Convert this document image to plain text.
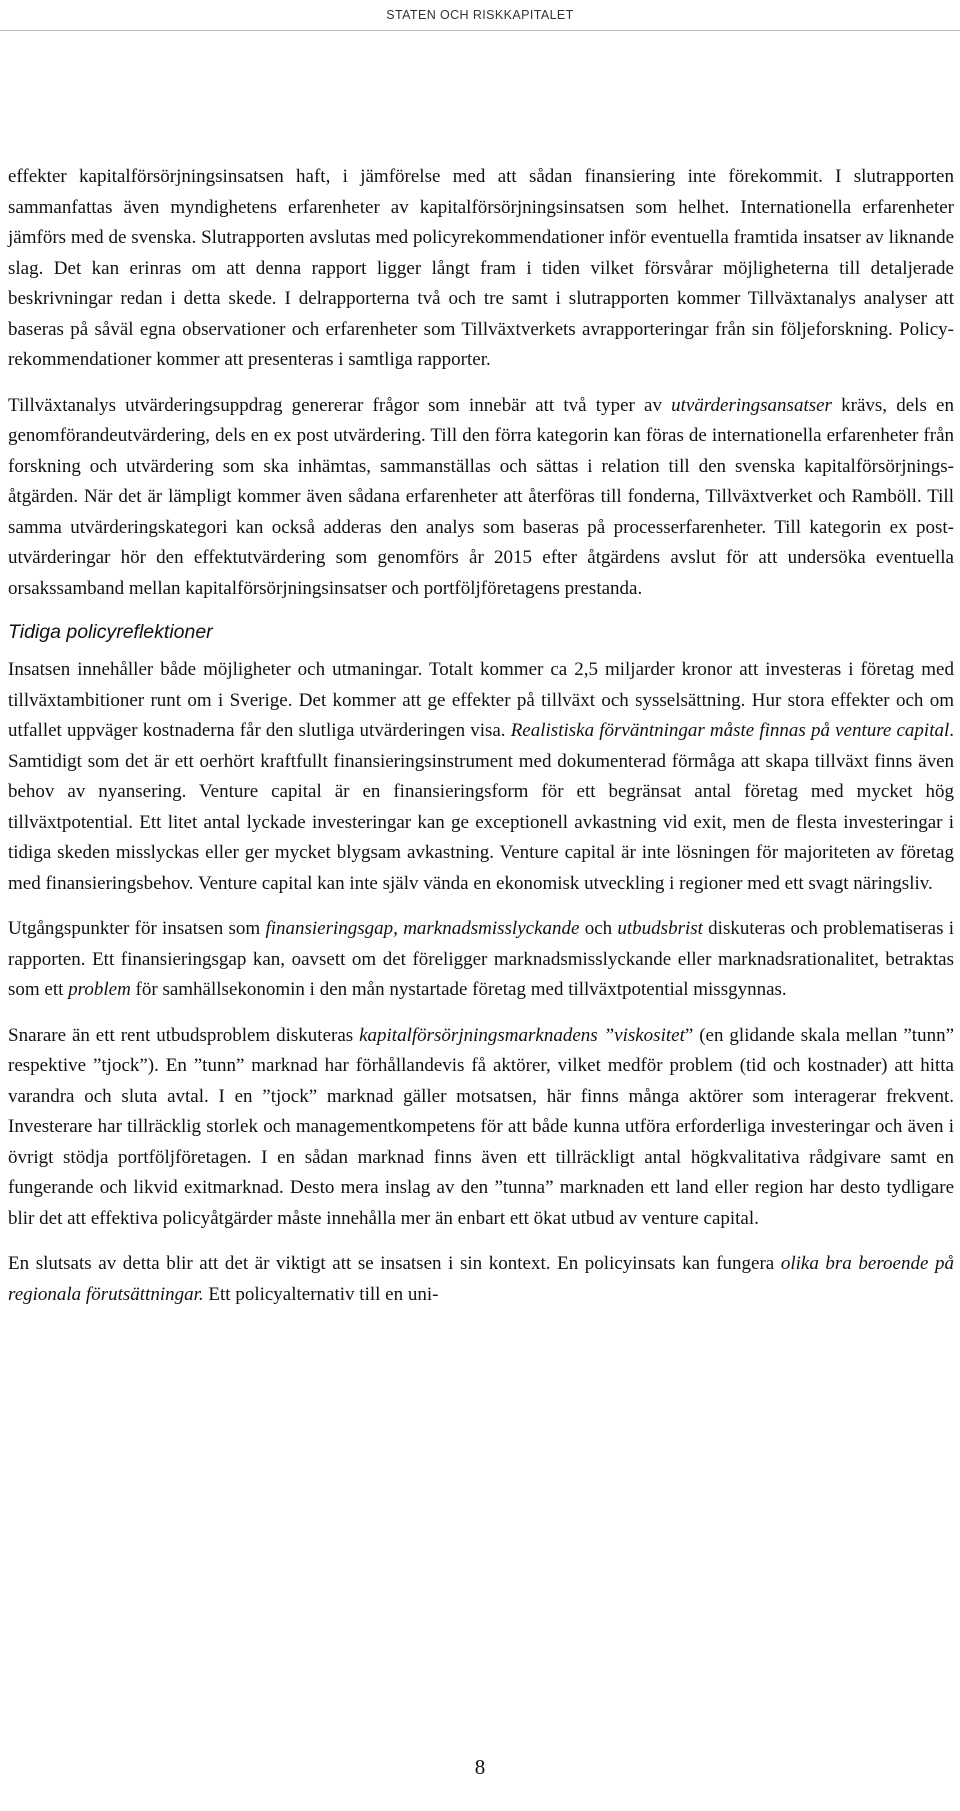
STATEN OCH RISKKAPITALET

effekter kapitalförsörjningsinsatsen haft, i jämförelse med att sådan finansiering inte förekommit. I slutrapporten sammanfattas även myndighetens erfarenheter av kapitalförsörjningsinsatsen som helhet. Internationella erfarenheter jämförs med de svenska. Slutrapporten avslutas med policyrekommendationer inför eventuella framtida insatser av liknande slag. Det kan erinras om att denna rapport ligger långt fram i tiden vilket försvårar möjligheterna till detaljerade beskrivningar redan i detta skede. I delrapporterna två och tre samt i slutrapporten kommer Tillväxtanalys analyser att baseras på såväl egna observationer och erfarenheter som Tillväxtverkets avrapporteringar från sin följeforskning. Policyrekommendationer kommer att presenteras i samtliga rapporter.

Tillväxtanalys utvärderingsuppdrag genererar frågor som innebär att två typer av utvärderingsansatser krävs, dels en genomförandeutvärdering, dels en ex post utvärdering. Till den förra kategorin kan föras de internationella erfarenheter från forskning och utvärdering som ska inhämtas, sammanställas och sättas i relation till den svenska kapitalförsörjningsåtgärden. När det är lämpligt kommer även sådana erfarenheter att återföras till fonderna, Tillväxtverket och Ramböll. Till samma utvärderingskategori kan också adderas den analys som baseras på processerfarenheter. Till kategorin ex post-utvärderingar hör den effektutvärdering som genomförs år 2015 efter åtgärdens avslut för att undersöka eventuella orsakssamband mellan kapitalförsörjningsinsatser och portföljföretagens prestanda.

Tidiga policyreflektioner

Insatsen innehåller både möjligheter och utmaningar. Totalt kommer ca 2,5 miljarder kronor att investeras i företag med tillväxtambitioner runt om i Sverige. Det kommer att ge effekter på tillväxt och sysselsättning. Hur stora effekter och om utfallet uppväger kostnaderna får den slutliga utvärderingen visa. Realistiska förväntningar måste finnas på venture capital. Samtidigt som det är ett oerhört kraftfullt finansieringsinstrument med dokumenterad förmåga att skapa tillväxt finns även behov av nyansering. Venture capital är en finansieringsform för ett begränsat antal företag med mycket hög tillväxtpotential. Ett litet antal lyckade investeringar kan ge exceptionell avkastning vid exit, men de flesta investeringar i tidiga skeden misslyckas eller ger mycket blygsam avkastning. Venture capital är inte lösningen för majoriteten av företag med finansieringsbehov. Venture capital kan inte själv vända en ekonomisk utveckling i regioner med ett svagt näringsliv.

Utgångspunkter för insatsen som finansieringsgap, marknadsmisslyckande och utbudsbrist diskuteras och problematiseras i rapporten. Ett finansieringsgap kan, oavsett om det föreligger marknadsmisslyckande eller marknadsrationalitet, betraktas som ett problem för samhällsekonomin i den mån nystartade företag med tillväxtpotential missgynnas.

Snarare än ett rent utbudsproblem diskuteras kapitalförsörjningsmarknadens ”viskositet” (en glidande skala mellan ”tunn” respektive ”tjock”). En ”tunn” marknad har förhållandevis få aktörer, vilket medför problem (tid och kostnader) att hitta varandra och sluta avtal. I en ”tjock” marknad gäller motsatsen, här finns många aktörer som interagerar frekvent. Investerare har tillräcklig storlek och managementkompetens för att både kunna utföra erforderliga investeringar och även i övrigt stödja portföljföretagen. I en sådan marknad finns även ett tillräckligt antal högkvalitativa rådgivare samt en fungerande och likvid exitmarknad. Desto mera inslag av den ”tunna” marknaden ett land eller region har desto tydligare blir det att effektiva policyåtgärder måste innehålla mer än enbart ett ökat utbud av venture capital.

En slutsats av detta blir att det är viktigt att se insatsen i sin kontext. En policyinsats kan fungera olika bra beroende på regionala förutsättningar. Ett policyalternativ till en uni-

8
